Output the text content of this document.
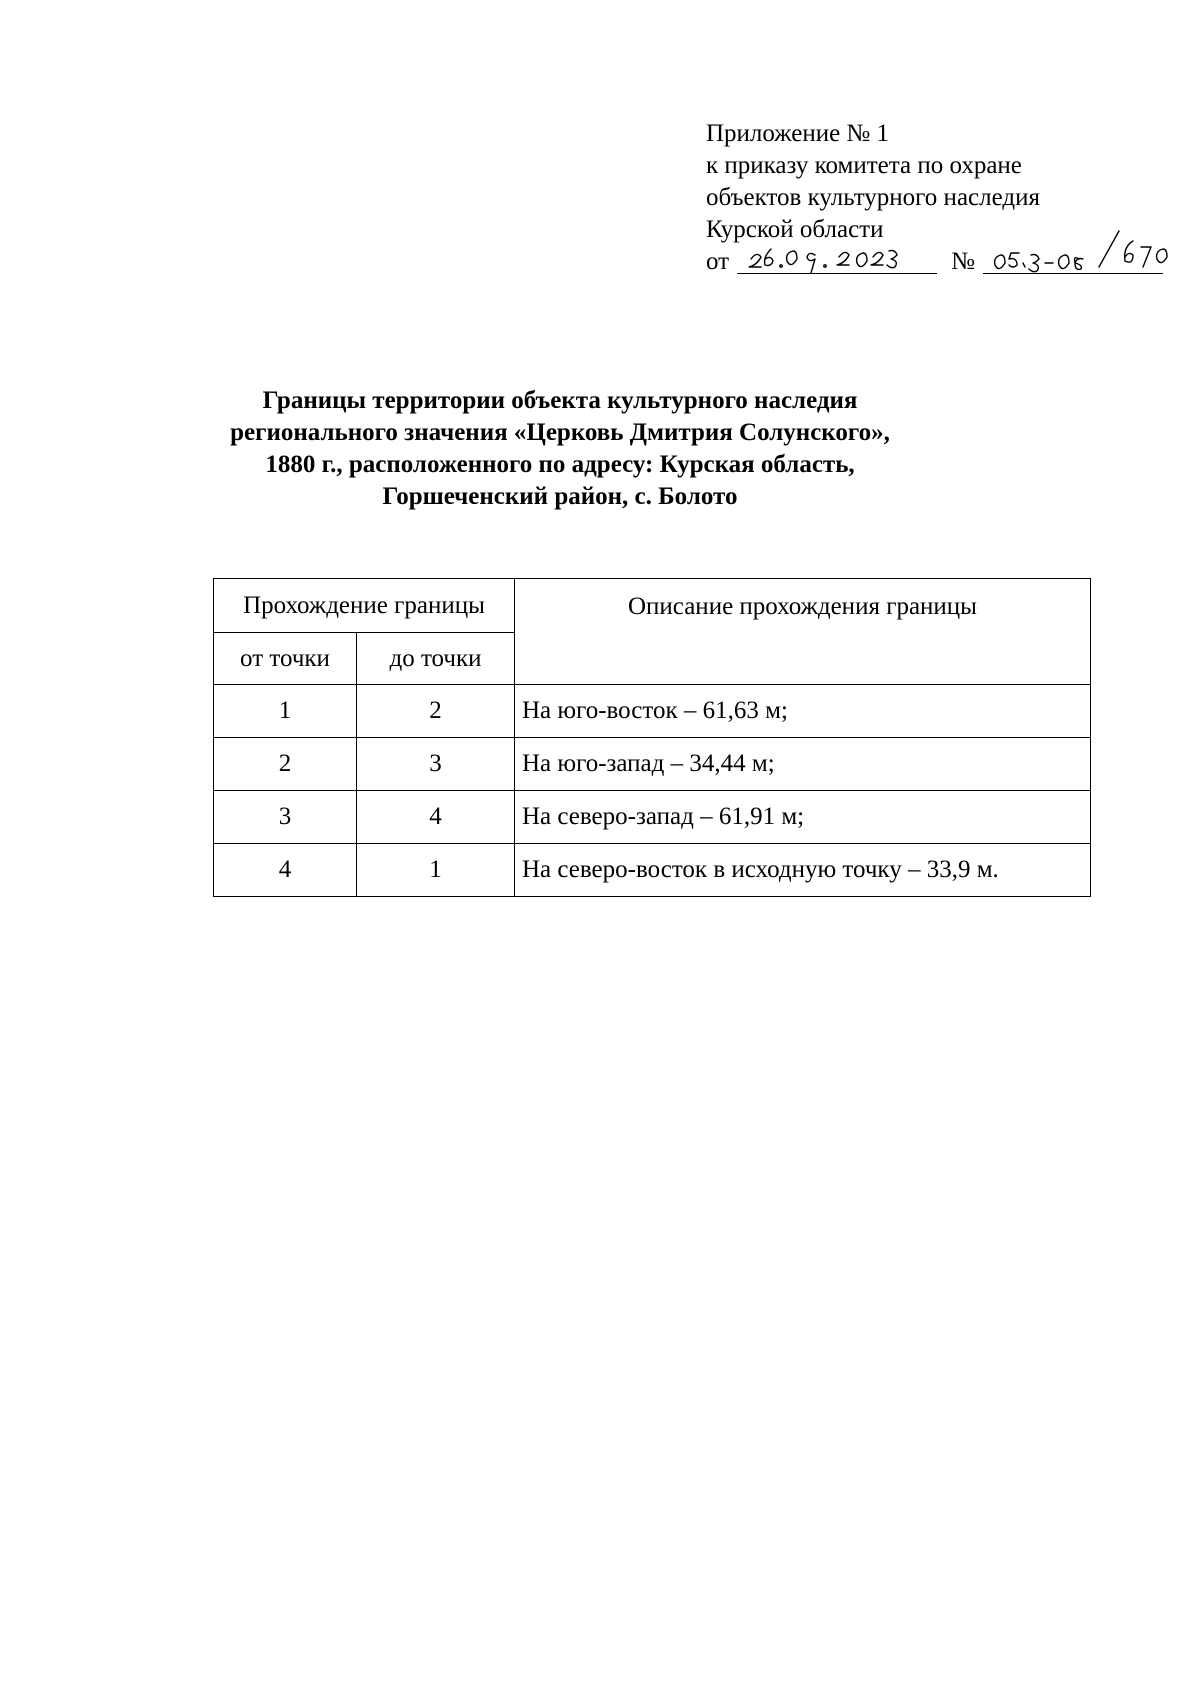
Приложение № 1
к приказу комитета по охране
объектов культурного наследия
Курской области
от	№
Границы территории объекта культурного наследия
регионального значения «Церковь Дмитрия Солунского»,
1880 г., расположенного по адресу: Курская область,
Горшеченский район, с. Болото
Прохождение границы		Описание прохождения границы
от точки	до точки	
1	2	На юго-восток – 61,63 м;
2	3	На юго-запад – 34,44 м;
3	4	На северо-запад – 61,91 м;
4	1	На северо-восток в исходную точку – 33,9 м.
